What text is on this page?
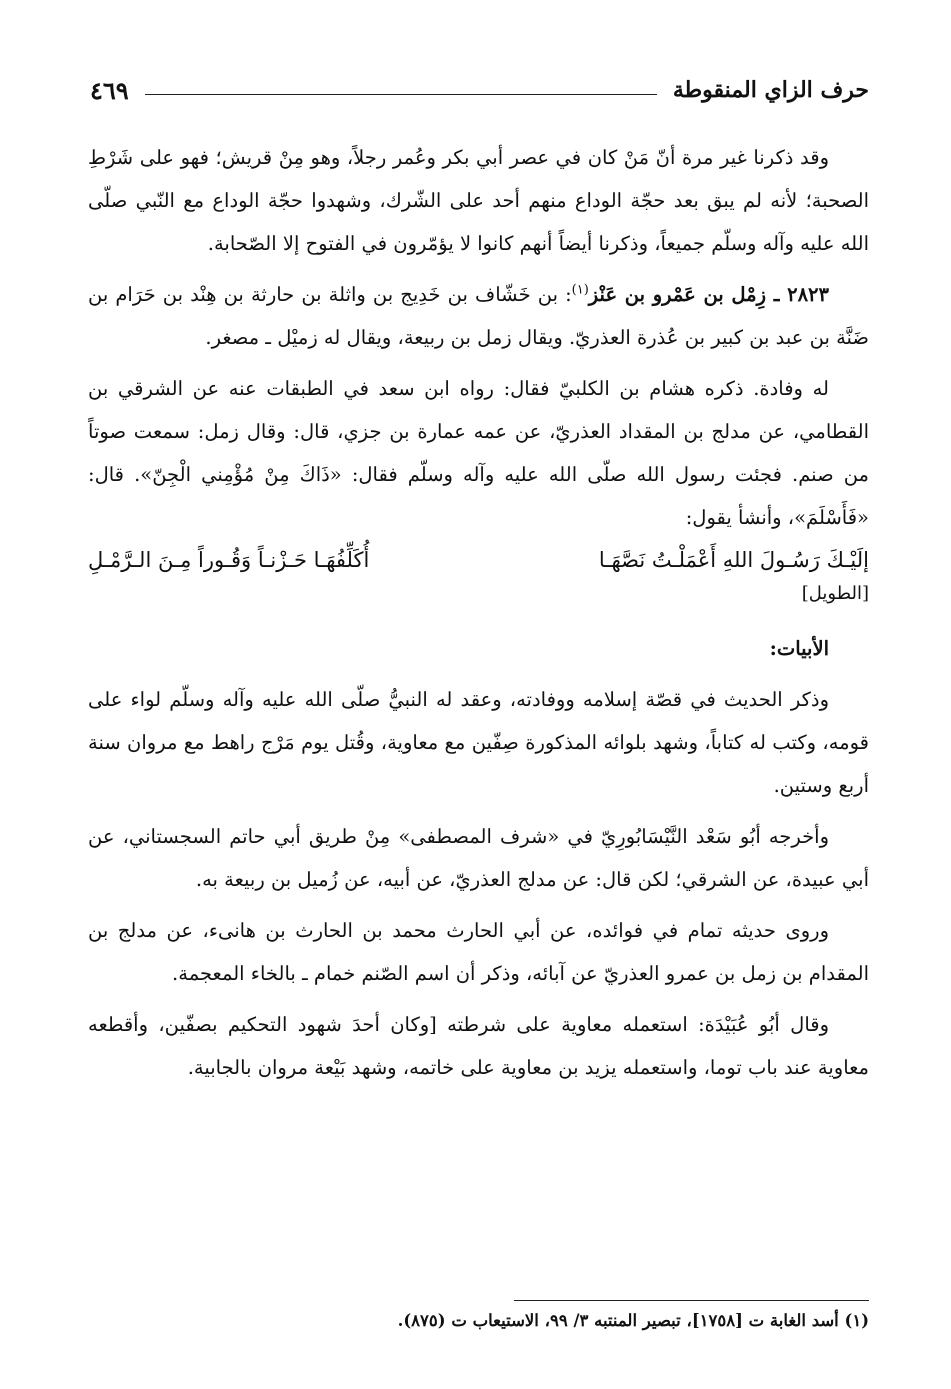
حرف الزاي المنقوطة
٤٦٩

وقد ذكرنا غير مرة أنّ مَنْ كان في عصر أبي بكر وعُمر رجلاً، وهو مِنْ قريش؛ فهو على شَرْطِ الصحبة؛ لأنه لم يبق بعد حجّة الوداع منهم أحد على الشّرك، وشهدوا حجّة الوداع مع النّبي صلّى الله عليه وآله وسلّم جميعاً، وذكرنا أيضاً أنهم كانوا لا يؤمّرون في الفتوح إلا الصّحابة.

٢٨٢٣ ـ زِمْل بن عَمْرو بن عَنْز$^{(١)}$: بن خَشّاف بن خَدِيج بن واثلة بن حارثة بن هِنْد بن حَرَام بن ضَنَّة بن عبد بن كبير بن عُذرة العذريّ. ويقال زمل بن ربيعة، ويقال له زميْل ـ مصغر.

له وفادة. ذكره هشام بن الكلبيّ فقال: رواه ابن سعد في الطبقات عنه عن الشرقي بن القطامي، عن مدلج بن المقداد العذريّ، عن عمه عمارة بن جزي، قال: وقال زمل: سمعت صوتاً من صنم. فجئت رسول الله صلّى الله عليه وآله وسلّم فقال: «ذَاكَ مِنْ مُؤْمِني الْجِنّ». قال: «فَأَسْلَمَ»، وأنشأ يقول:

إلَيْـكَ رَسُـولَ اللهِ أَعْمَلْـتُ نَصَّهَـا
أُكَلِّفُهَـا حَـزْنـاً وَقُـوراً مِـنَ الـرَّمْـلِ
[الطويل]

الأبيات:

وذكر الحديث في قصّة إسلامه ووفادته، وعقد له النبيُّ صلّى الله عليه وآله وسلّم لواء على قومه، وكتب له كتاباً، وشهد بلوائه المذكورة صِفّين مع معاوية، وقُتل يوم مَرْج راهط مع مروان سنة أربع وستين.

وأخرجه أبُو سَعْد النَّيْسَابُورِيّ في «شرف المصطفى» مِنْ طريق أبي حاتم السجستاني، عن أبي عبيدة، عن الشرقي؛ لكن قال: عن مدلج العذريّ، عن أبيه، عن زُميل بن ربيعة به.

وروى حديثه تمام في فوائده، عن أبي الحارث محمد بن الحارث بن هانىء، عن مدلج بن المقدام بن زمل بن عمرو العذريّ عن آبائه، وذكر أن اسم الصّنم خمام ـ بالخاء المعجمة.

وقال أبُو عُبَيْدَة: استعمله معاوية على شرطته [وكان أحدَ شهود التحكيم بصفّين، وأقطعه معاوية عند باب توما، واستعمله يزيد بن معاوية على خاتمه، وشهد بَيْعة مروان بالجابية.

(١) أسد الغابة ت [١٧٥٨]، تبصير المنتبه ٣/ ٩٩، الاستيعاب ت (٨٧٥).
